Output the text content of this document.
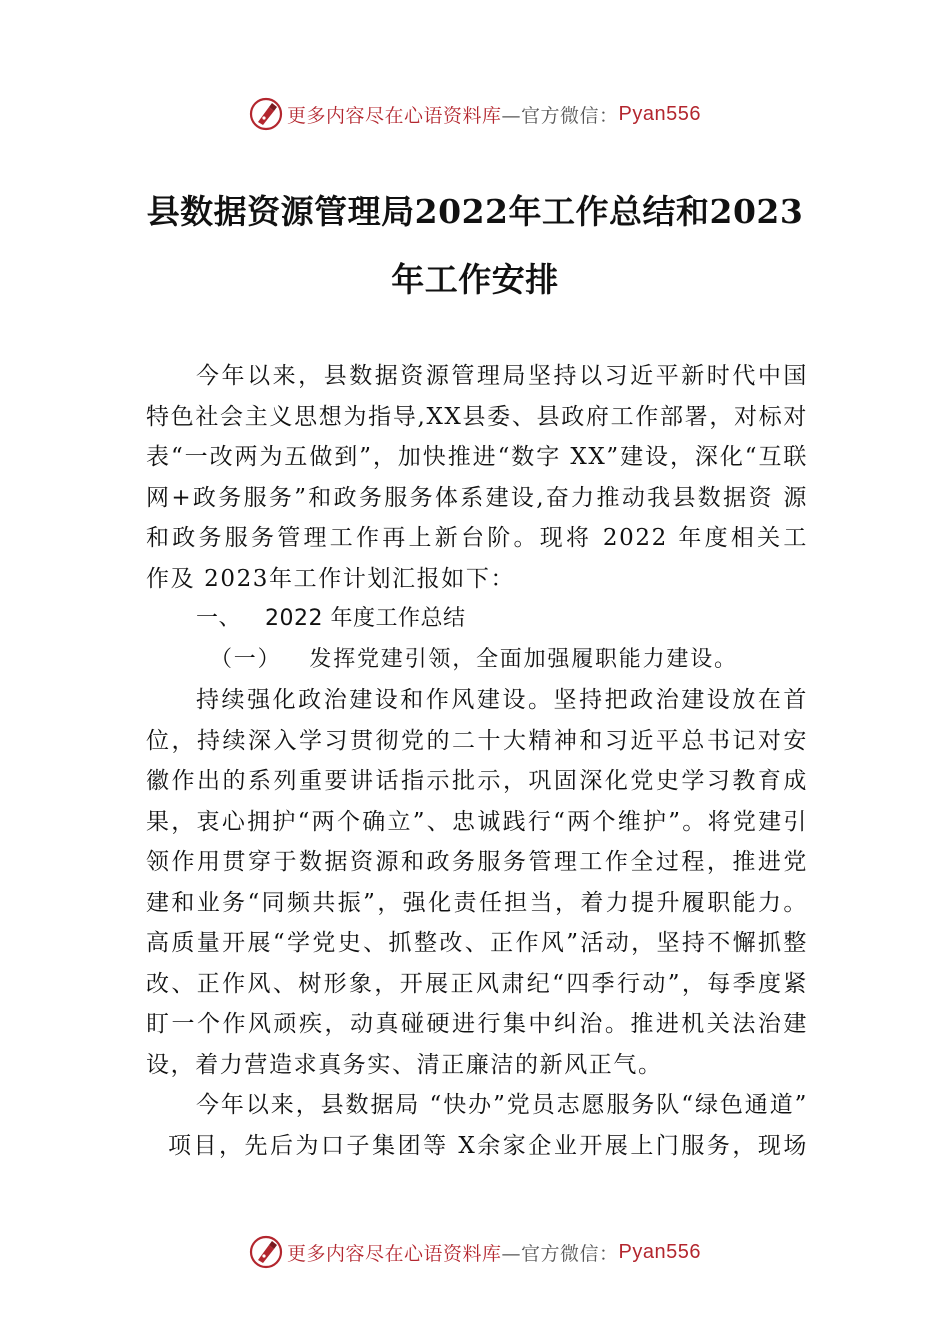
更多内容尽在心语资料库 —官方微信： Pyan556
县数据资源管理局2022年工作总结和2023
年工作安排
今年以来，县数据资源管理局坚持以习近平新时代中国
特色社会主义思想为指导,XX县委、县政府工作部署，对标对
表“一改两为五做到”，加快推进“数字 XX”建设，深化“互联
网+政务服务”和政务服务体系建设,奋力推动我县数据资 源
和政务服务管理工作再上新台阶。现将 2022 年度相关工
作及 2023年工作计划汇报如下：
一、 2022 年度工作总结
（一） 发挥党建引领，全面加强履职能力建设。
持续强化政治建设和作风建设。坚持把政治建设放在首
位，持续深入学习贯彻党的二十大精神和习近平总书记对安
徽作出的系列重要讲话指示批示，巩固深化党史学习教育成
果，衷心拥护“两个确立”、忠诚践行“两个维护”。将党建引
领作用贯穿于数据资源和政务服务管理工作全过程，推进党
建和业务“同频共振”，强化责任担当，着力提升履职能力。
高质量开展“学党史、抓整改、正作风”活动，坚持不懈抓整
改、正作风、树形象，开展正风肃纪“四季行动”，每季度紧
盯一个作风顽疾，动真碰硬进行集中纠治。推进机关法治建
设，着力营造求真务实、清正廉洁的新风正气。
今年以来，县数据局 “快办”党员志愿服务队“绿色通道”
项目，先后为口子集团等 X余家企业开展上门服务，现场
更多内容尽在心语资料库 —官方微信： Pyan556
